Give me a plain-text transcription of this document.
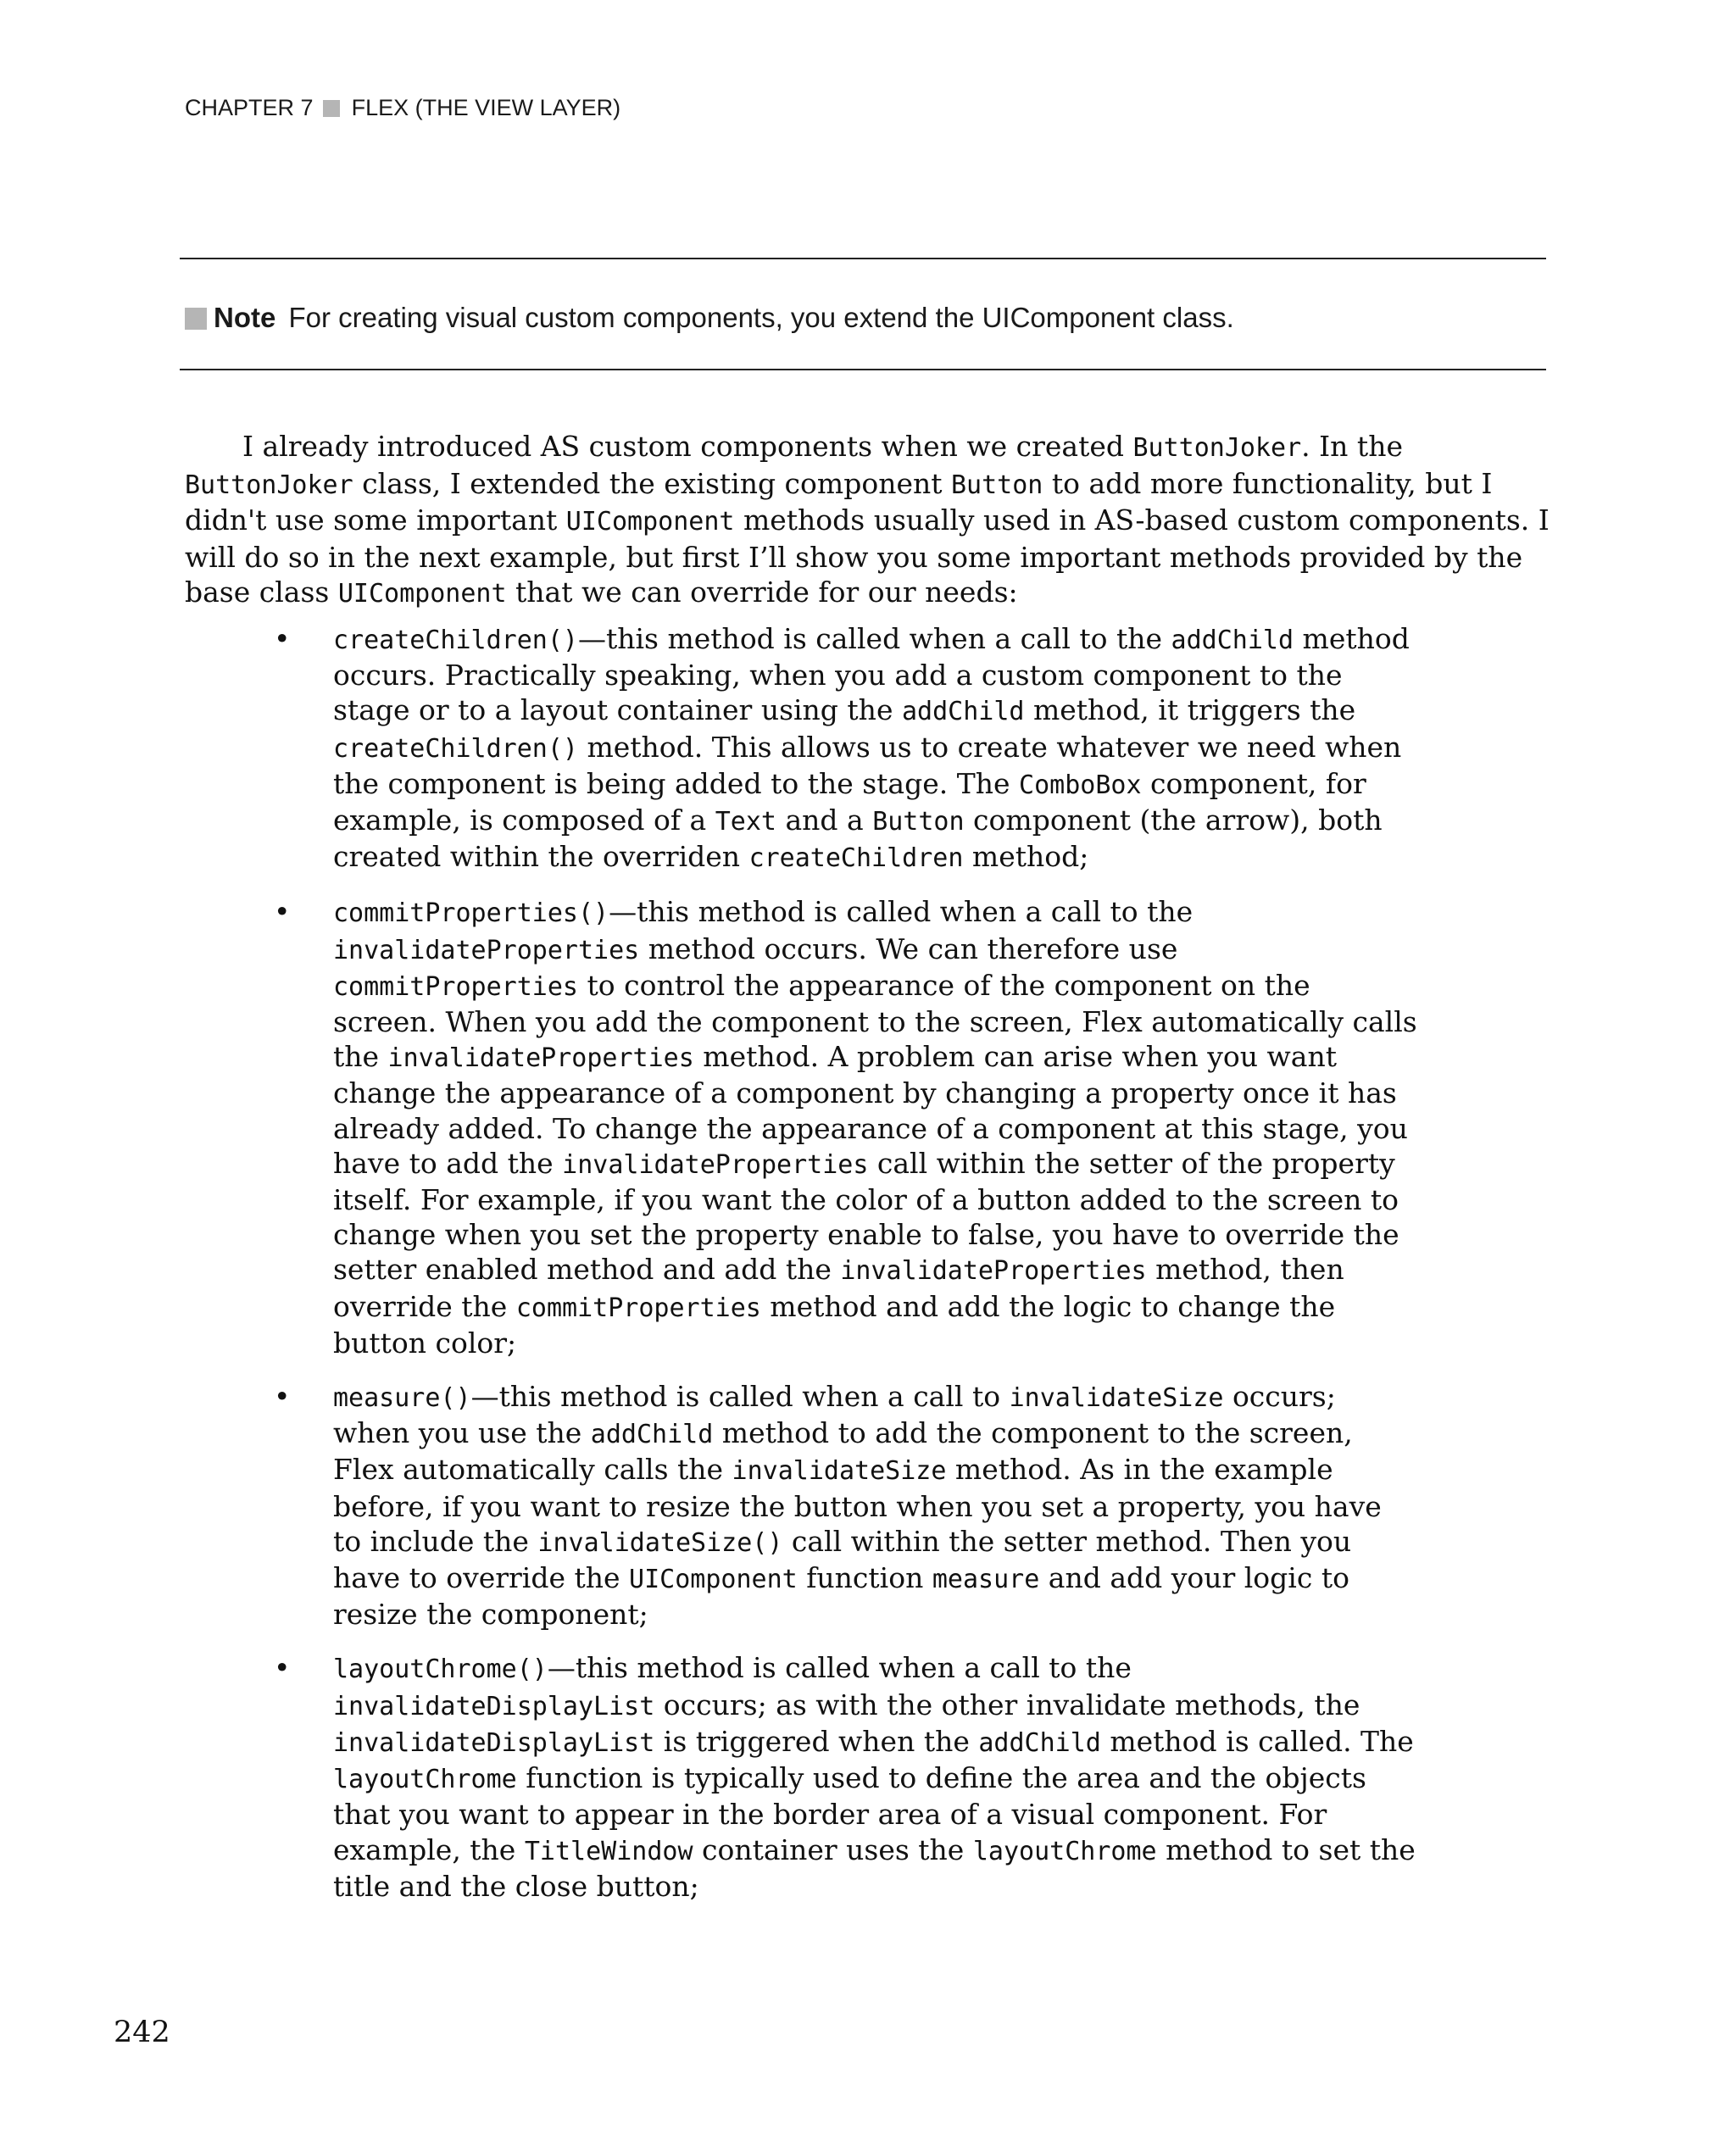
CHAPTER 7 FLEX (THE VIEW LAYER)
Note For creating visual custom components, you extend the UIComponent class.

I already introduced AS custom components when we created ButtonJoker. In the ButtonJoker class, I extended the existing component Button to add more functionality, but I didn't use some important UIComponent methods usually used in AS-based custom components. I will do so in the next example, but first I’ll show you some important methods provided by the base class UIComponent that we can override for our needs:

• createChildren()—this method is called when a call to the addChild method occurs. Practically speaking, when you add a custom component to the stage or to a layout container using the addChild method, it triggers the createChildren() method. This allows us to create whatever we need when the component is being added to the stage. The ComboBox component, for example, is composed of a Text and a Button component (the arrow), both created within the overriden createChildren method;
• commitProperties()—this method is called when a call to the invalidateProperties method occurs. We can therefore use commitProperties to control the appearance of the component on the screen. When you add the component to the screen, Flex automatically calls the invalidateProperties method. A problem can arise when you want change the appearance of a component by changing a property once it has already added. To change the appearance of a component at this stage, you have to add the invalidateProperties call within the setter of the property itself. For example, if you want the color of a button added to the screen to change when you set the property enable to false, you have to override the setter enabled method and add the invalidateProperties method, then override the commitProperties method and add the logic to change the button color;
• measure()—this method is called when a call to invalidateSize occurs; when you use the addChild method to add the component to the screen, Flex automatically calls the invalidateSize method. As in the example before, if you want to resize the button when you set a property, you have to include the invalidateSize() call within the setter method. Then you have to override the UIComponent function measure and add your logic to resize the component;
• layoutChrome()—this method is called when a call to the invalidateDisplayList occurs; as with the other invalidate methods, the invalidateDisplayList is triggered when the addChild method is called. The layoutChrome function is typically used to define the area and the objects that you want to appear in the border area of a visual component. For example, the TitleWindow container uses the layoutChrome method to set the title and the close button;
242
